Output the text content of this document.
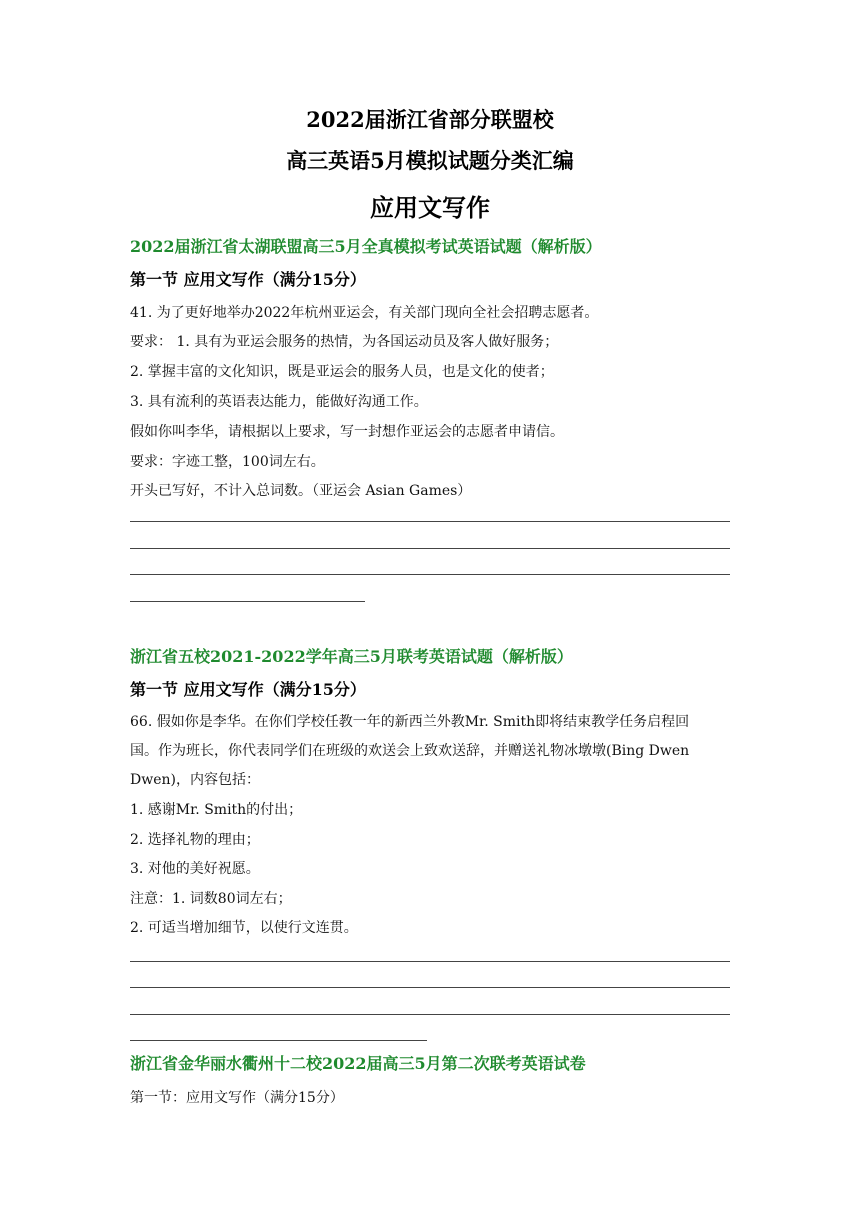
2022届浙江省部分联盟校
高三英语5月模拟试题分类汇编
应用文写作
2022届浙江省太湖联盟高三5月全真模拟考试英语试题（解析版）
第一节 应用文写作（满分15分）
41. 为了更好地举办2022年杭州亚运会，有关部门现向全社会招聘志愿者。
要求： 1. 具有为亚运会服务的热情，为各国运动员及客人做好服务；
2. 掌握丰富的文化知识，既是亚运会的服务人员，也是文化的使者；
3. 具有流利的英语表达能力，能做好沟通工作。
假如你叫李华，请根据以上要求，写一封想作亚运会的志愿者申请信。
要求：字迹工整，100词左右。
开头已写好，不计入总词数。（亚运会 Asian Games）
浙江省五校2021-2022学年高三5月联考英语试题（解析版）
第一节 应用文写作（满分15分）
66. 假如你是李华。在你们学校任教一年的新西兰外教Mr. Smith即将结束教学任务启程回
国。作为班长，你代表同学们在班级的欢送会上致欢送辞，并赠送礼物冰墩墩(Bing Dwen
Dwen)，内容包括：
1. 感谢Mr. Smith的付出；
2. 选择礼物的理由；
3. 对他的美好祝愿。
注意：1. 词数80词左右；
2. 可适当增加细节，以使行文连贯。
浙江省金华丽水衢州十二校2022届高三5月第二次联考英语试卷
第一节：应用文写作（满分15分）
